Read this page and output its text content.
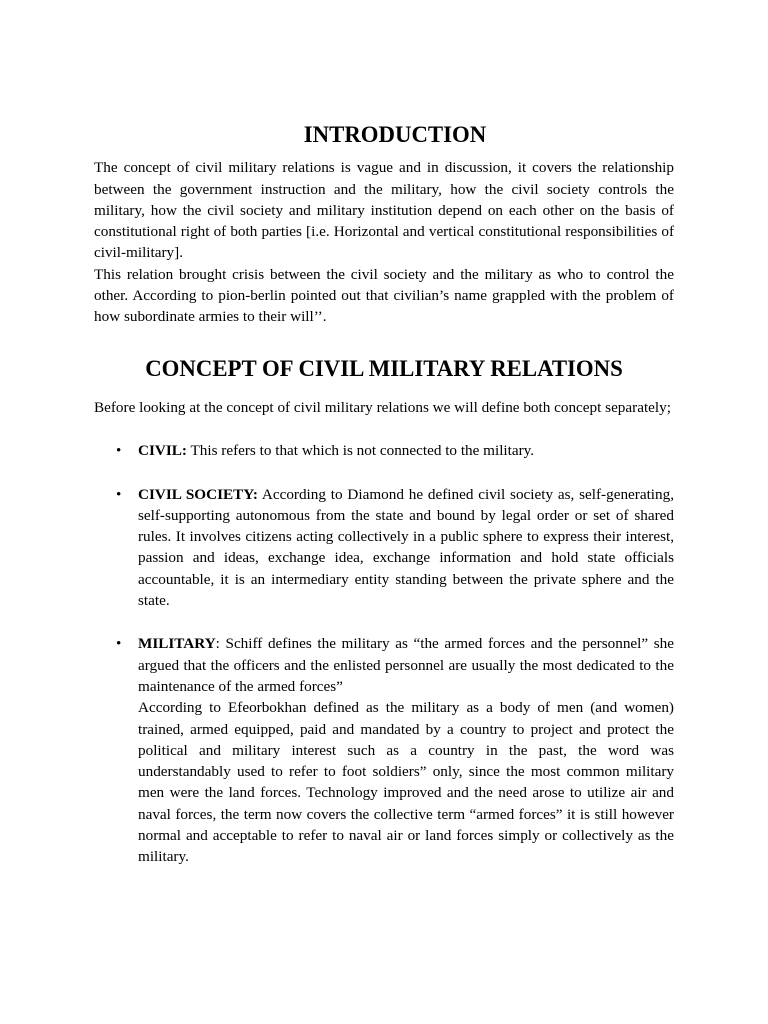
INTRODUCTION

The concept of civil military relations is vague and in discussion, it covers the relationship between the government instruction and the military, how the civil society controls the military, how the civil society and military institution depend on each other on the basis of constitutional right of both parties [i.e. Horizontal and vertical constitutional responsibilities of civil-military].

This relation brought crisis between the civil society and the military as who to control the other. According to pion-berlin pointed out that civilian’s name grappled with the problem of how subordinate armies to their will’’.

CONCEPT OF CIVIL MILITARY RELATIONS

Before looking at the concept of civil military relations we will define both concept separately;

• CIVIL: This refers to that which is not connected to the military.
• CIVIL SOCIETY: According to Diamond he defined civil society as, self-generating, self-supporting autonomous from the state and bound by legal order or set of shared rules. It involves citizens acting collectively in a public sphere to express their interest, passion and ideas, exchange idea, exchange information and hold state officials accountable, it is an intermediary entity standing between the private sphere and the state.
• MILITARY: Schiff defines the military as “the armed forces and the personnel” she argued that the officers and the enlisted personnel are usually the most dedicated to the maintenance of the armed forces”
According to Efeorbokhan defined as the military as a body of men (and women) trained, armed equipped, paid and mandated by a country to project and protect the political and military interest such as a country in the past, the word was understandably used to refer to foot soldiers” only, since the most common military men were the land forces. Technology improved and the need arose to utilize air and naval forces, the term now covers the collective term “armed forces” it is still however normal and acceptable to refer to naval air or land forces simply or collectively as the military.
